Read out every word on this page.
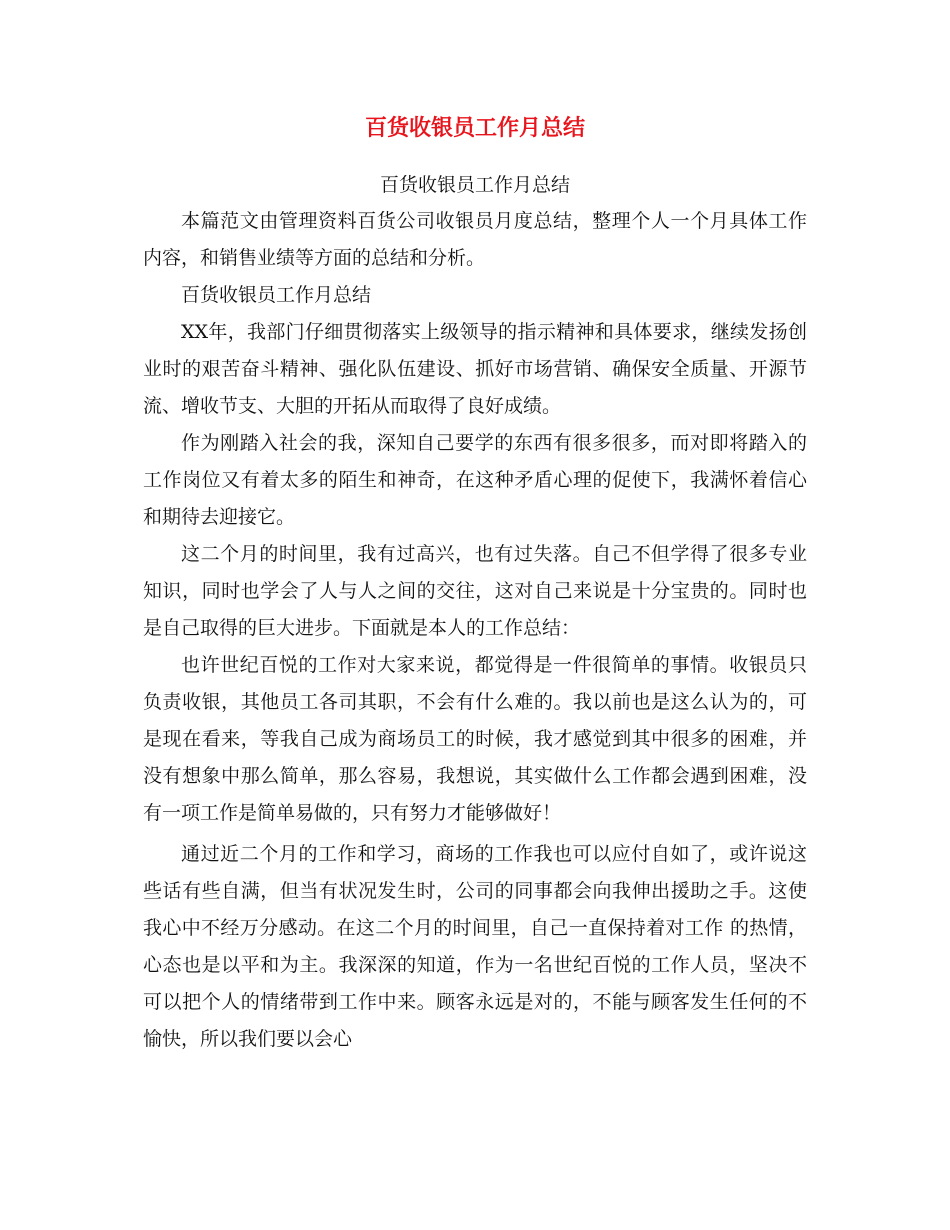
百货收银员工作月总结
百货收银员工作月总结

本篇范文由管理资料百货公司收银员月度总结，整理个人一个月具体工作内容，和销售业绩等方面的总结和分析。

百货收银员工作月总结

XX年，我部门仔细贯彻落实上级领导的指示精神和具体要求，继续发扬创业时的艰苦奋斗精神、强化队伍建设、抓好市场营销、确保安全质量、开源节流、增收节支、大胆的开拓从而取得了良好成绩。

作为刚踏入社会的我，深知自己要学的东西有很多很多，而对即将踏入的工作岗位又有着太多的陌生和神奇，在这种矛盾心理的促使下，我满怀着信心和期待去迎接它。

这二个月的时间里，我有过高兴，也有过失落。自己不但学得了很多专业知识，同时也学会了人与人之间的交往，这对自己来说是十分宝贵的。同时也是自己取得的巨大进步。下面就是本人的工作总结：

也许世纪百悦的工作对大家来说，都觉得是一件很简单的事情。收银员只负责收银，其他员工各司其职，不会有什么难的。我以前也是这么认为的，可是现在看来，等我自己成为商场员工的时候，我才感觉到其中很多的困难，并没有想象中那么简单，那么容易，我想说，其实做什么工作都会遇到困难，没有一项工作是简单易做的，只有努力才能够做好！

通过近二个月的工作和学习，商场的工作我也可以应付自如了，或许说这些话有些自满，但当有状况发生时，公司的同事都会向我伸出援助之手。这使我心中不经万分感动。在这二个月的时间里，自己一直保持着对工作 的热情，心态也是以平和为主。我深深的知道，作为一名世纪百悦的工作人员，坚决不可以把个人的情绪带到工作中来。顾客永远是对的，不能与顾客发生任何的不愉快，所以我们要以会心
